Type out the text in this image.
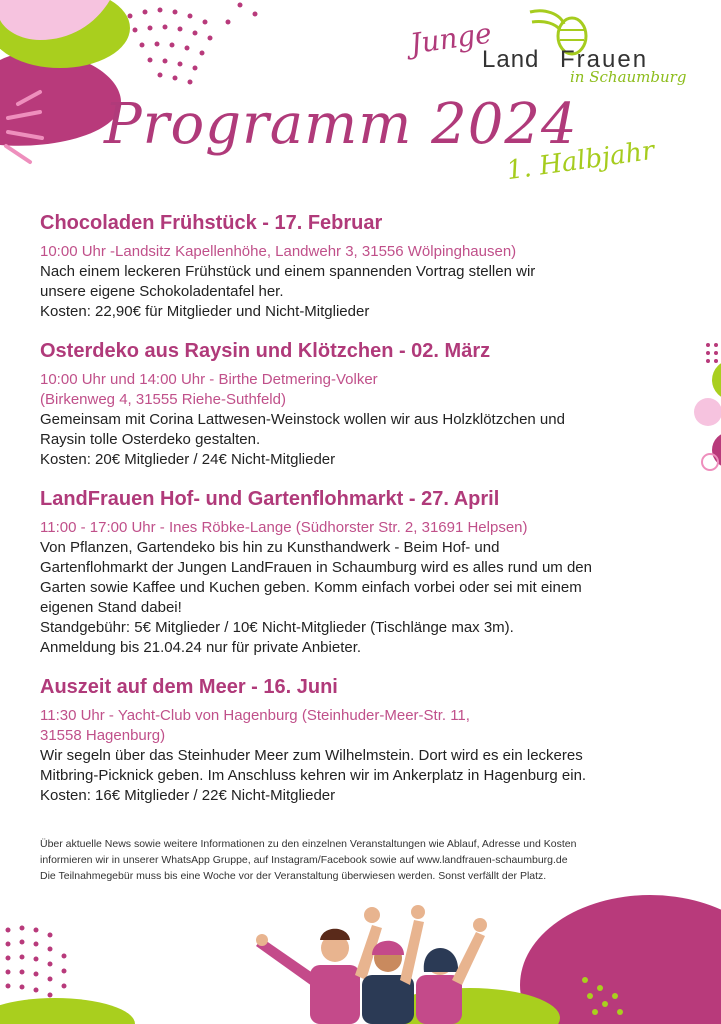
Junge
Land Frauen
in Schaumburg
Programm 2024
1. Halbjahr
Chocoladen Frühstück - 17. Februar

10:00 Uhr -Landsitz Kapellenhöhe, Landwehr 3, 31556 Wölpinghausen)

Nach einem leckeren Frühstück und einem spannenden Vortrag stellen wir

unsere eigene Schokoladentafel her.

Kosten: 22,90€ für Mitglieder und Nicht-Mitglieder

Osterdeko aus Raysin und Klötzchen - 02. März

10:00 Uhr und 14:00 Uhr - Birthe Detmering-Volker

(Birkenweg 4, 31555 Riehe-Suthfeld)

Gemeinsam mit Corina Lattwesen-Weinstock wollen wir aus Holzklötzchen und

Raysin tolle Osterdeko gestalten.

Kosten: 20€ Mitglieder / 24€ Nicht-Mitglieder

LandFrauen Hof- und Gartenflohmarkt - 27. April

11:00 - 17:00 Uhr - Ines Röbke-Lange (Südhorster Str. 2, 31691 Helpsen)

Von Pflanzen, Gartendeko bis hin zu Kunsthandwerk - Beim Hof- und

Gartenflohmarkt der Jungen LandFrauen in Schaumburg wird es alles rund um den

Garten sowie Kaffee und Kuchen geben. Komm einfach vorbei oder sei mit einem

eigenen Stand dabei!

Standgebühr: 5€ Mitglieder / 10€ Nicht-Mitglieder (Tischlänge max 3m).

Anmeldung bis 21.04.24 nur für private Anbieter.

Auszeit auf dem Meer - 16. Juni

11:30 Uhr - Yacht-Club von Hagenburg (Steinhuder-Meer-Str. 11,

31558 Hagenburg)

Wir segeln über das Steinhuder Meer zum Wilhelmstein. Dort wird es ein leckeres

Mitbring-Picknick geben. Im Anschluss kehren wir im Ankerplatz in Hagenburg ein.

Kosten: 16€ Mitglieder / 22€ Nicht-Mitglieder

Über aktuelle News sowie weitere Informationen zu den einzelnen Veranstaltungen wie Ablauf, Adresse und Kosten

informieren wir in unserer WhatsApp Gruppe, auf Instagram/Facebook sowie auf www.landfrauen-schaumburg.de

Die Teilnahmegebür muss bis eine Woche vor der Veranstaltung überwiesen werden. Sonst verfällt der Platz.
